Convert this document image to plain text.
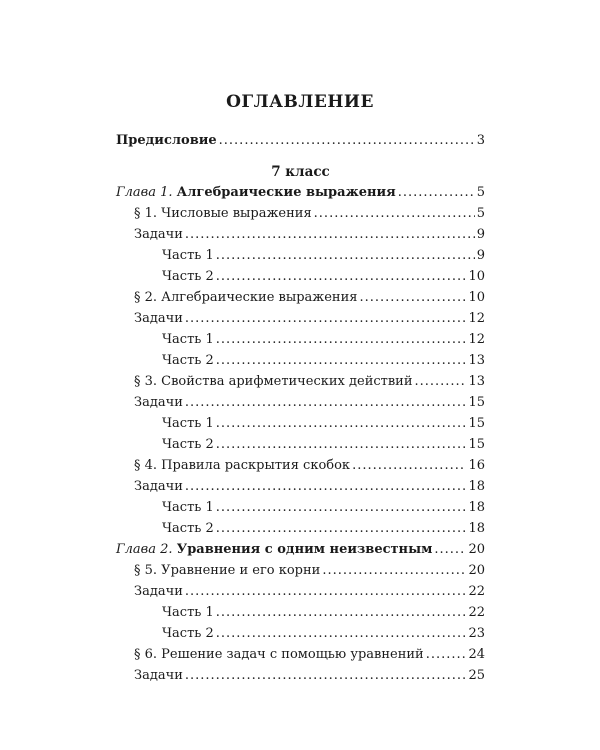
ОГЛАВЛЕНИЕ
Предисловие .....	3
7 класс
Глава 1. Алгебраические выражения .....	5
§ 1. Числовые выражения .....	5
Задачи .....	9
Часть 1 .....	9
Часть 2 .....	10
§ 2. Алгебраические выражения .....	10
Задачи .....	12
Часть 1 .....	12
Часть 2 .....	13
§ 3. Свойства арифметических действий .....	13
Задачи .....	15
Часть 1 .....	15
Часть 2 .....	15
§ 4. Правила раскрытия скобок .....	16
Задачи .....	18
Часть 1 .....	18
Часть 2 .....	18
Глава 2. Уравнения с одним неизвестным .....	20
§ 5. Уравнение и его корни .....	20
Задачи .....	22
Часть 1 .....	22
Часть 2 .....	23
§ 6. Решение задач с помощью уравнений .....	24
Задачи .....	25
